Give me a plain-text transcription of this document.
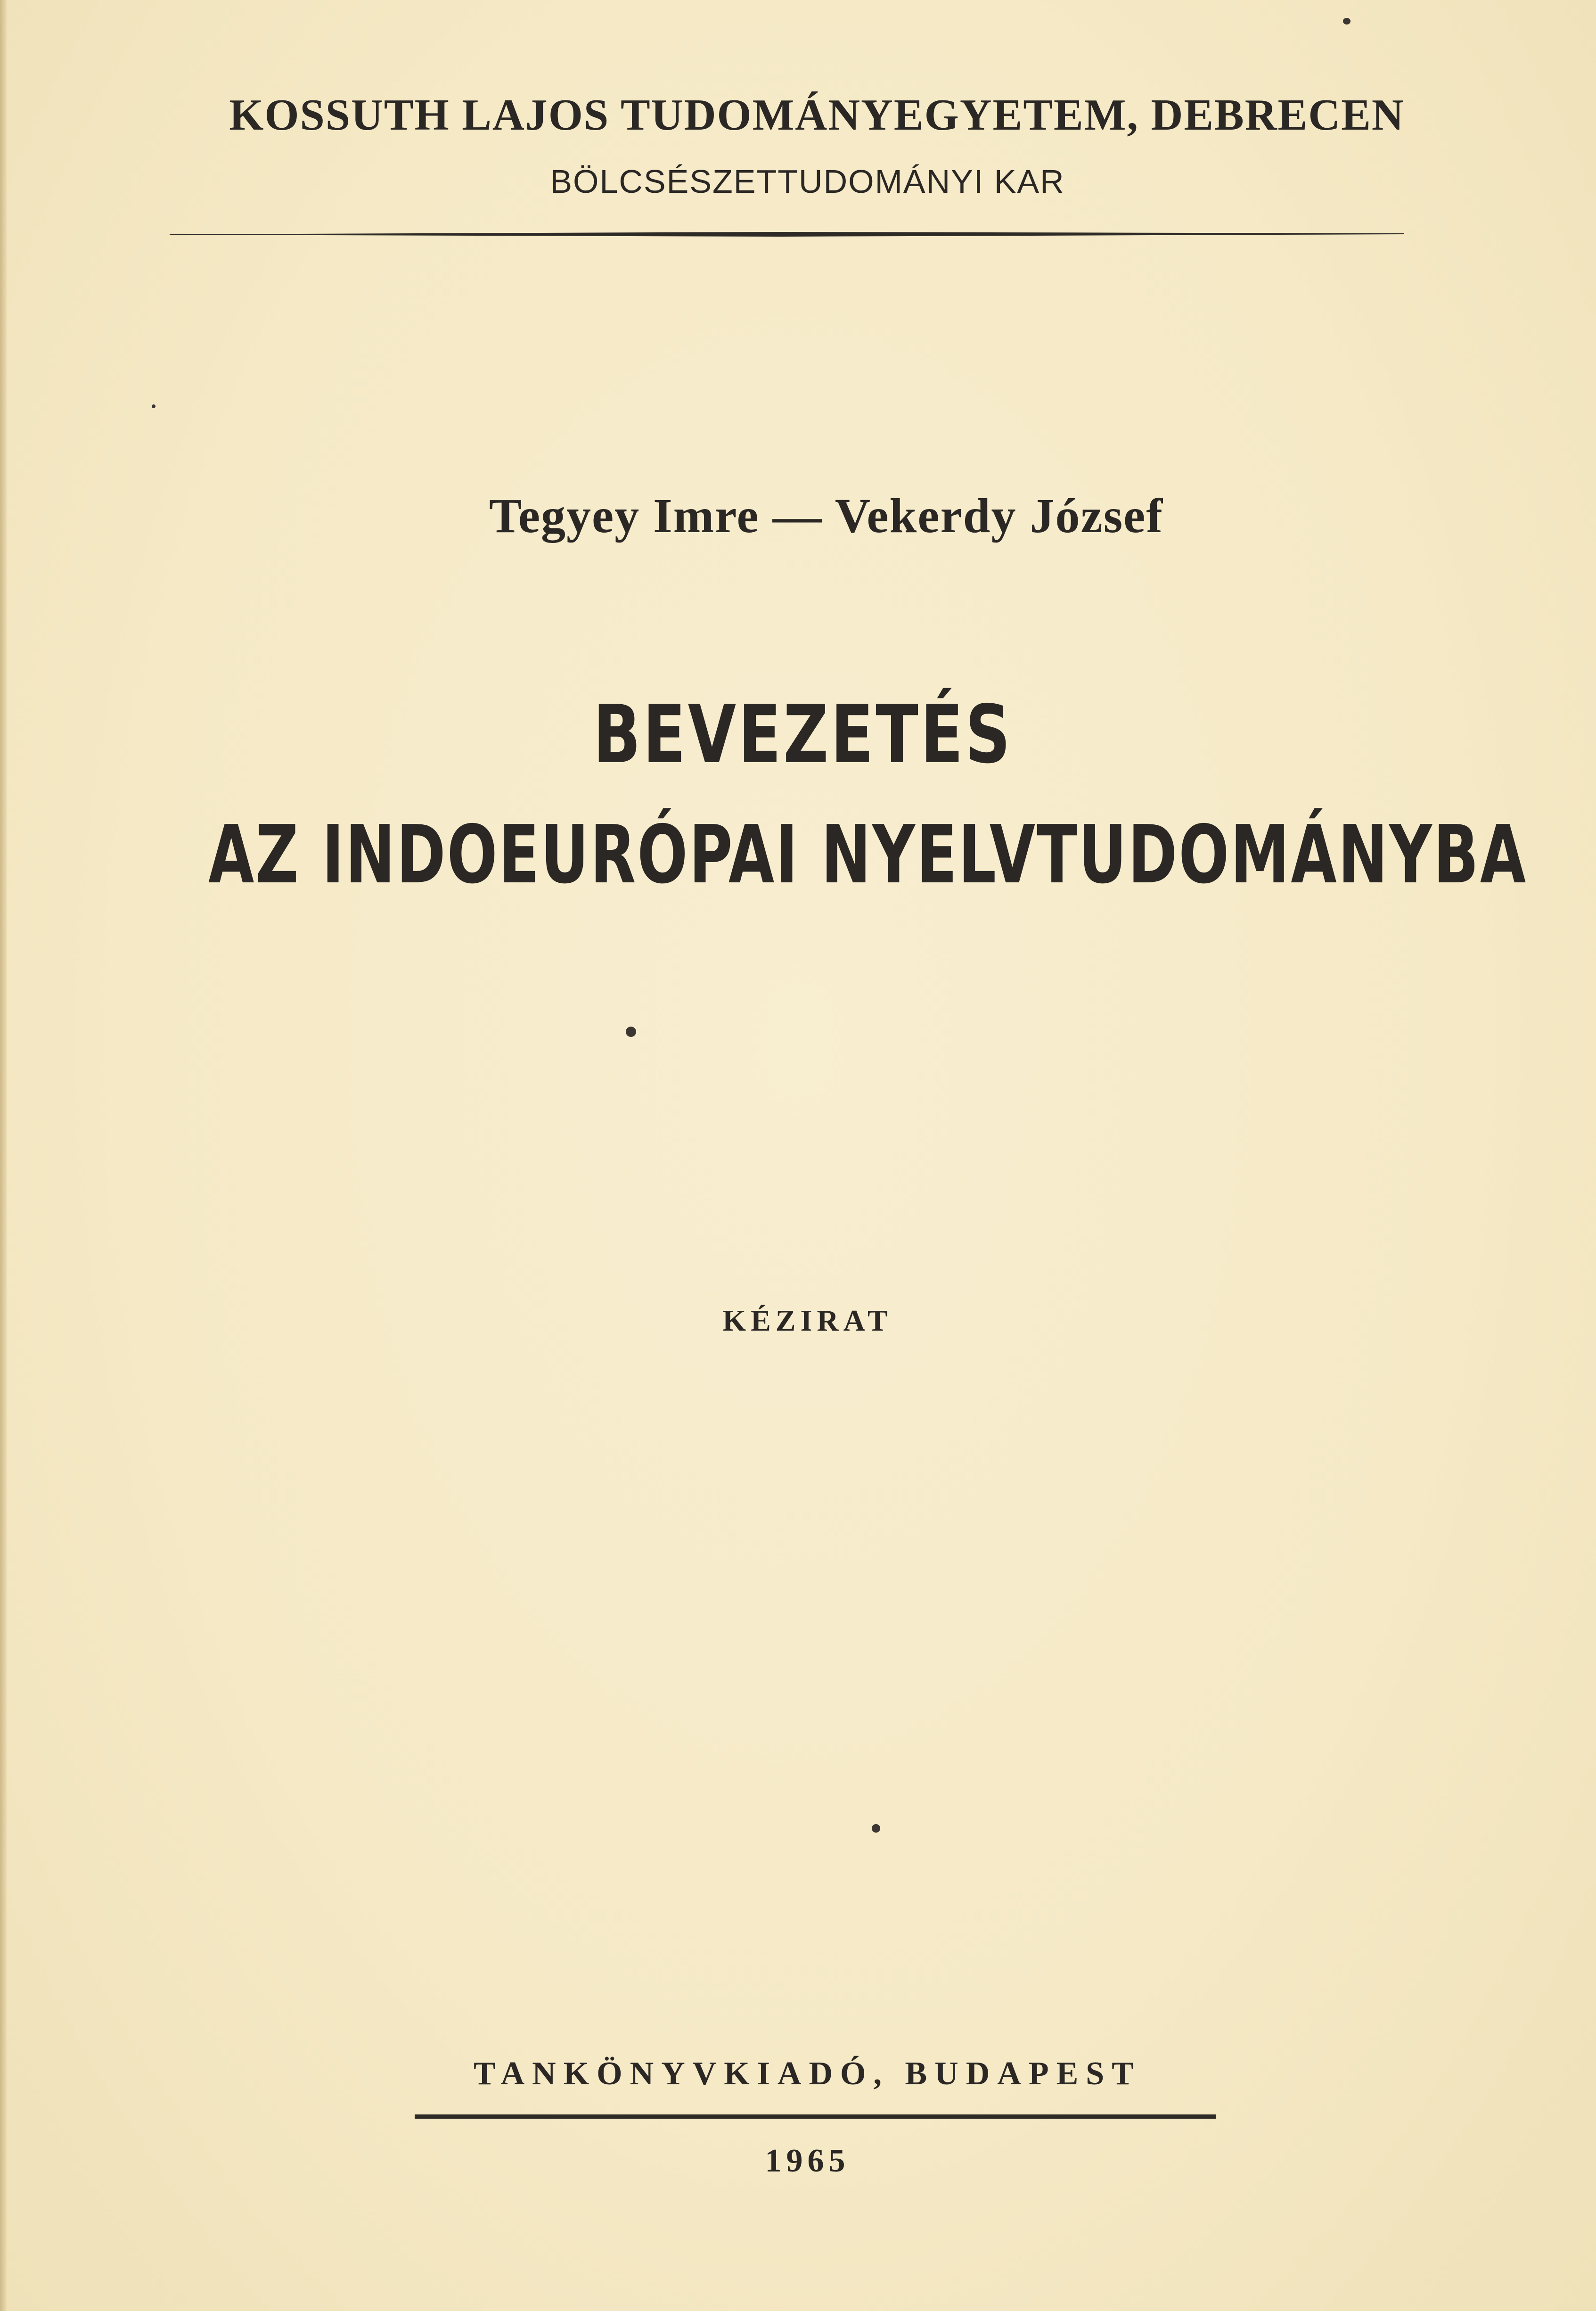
KOSSUTH LAJOS TUDOMÁNYEGYETEM, DEBRECEN
BÖLCSÉSZETTUDOMÁNYI KAR
Tegyey Imre — Vekerdy József
BEVEZETÉS
AZ INDOEURÓPAI NYELVTUDOMÁNYBA
KÉZIRAT
TANKÖNYVKIADÓ, BUDAPEST
1965
